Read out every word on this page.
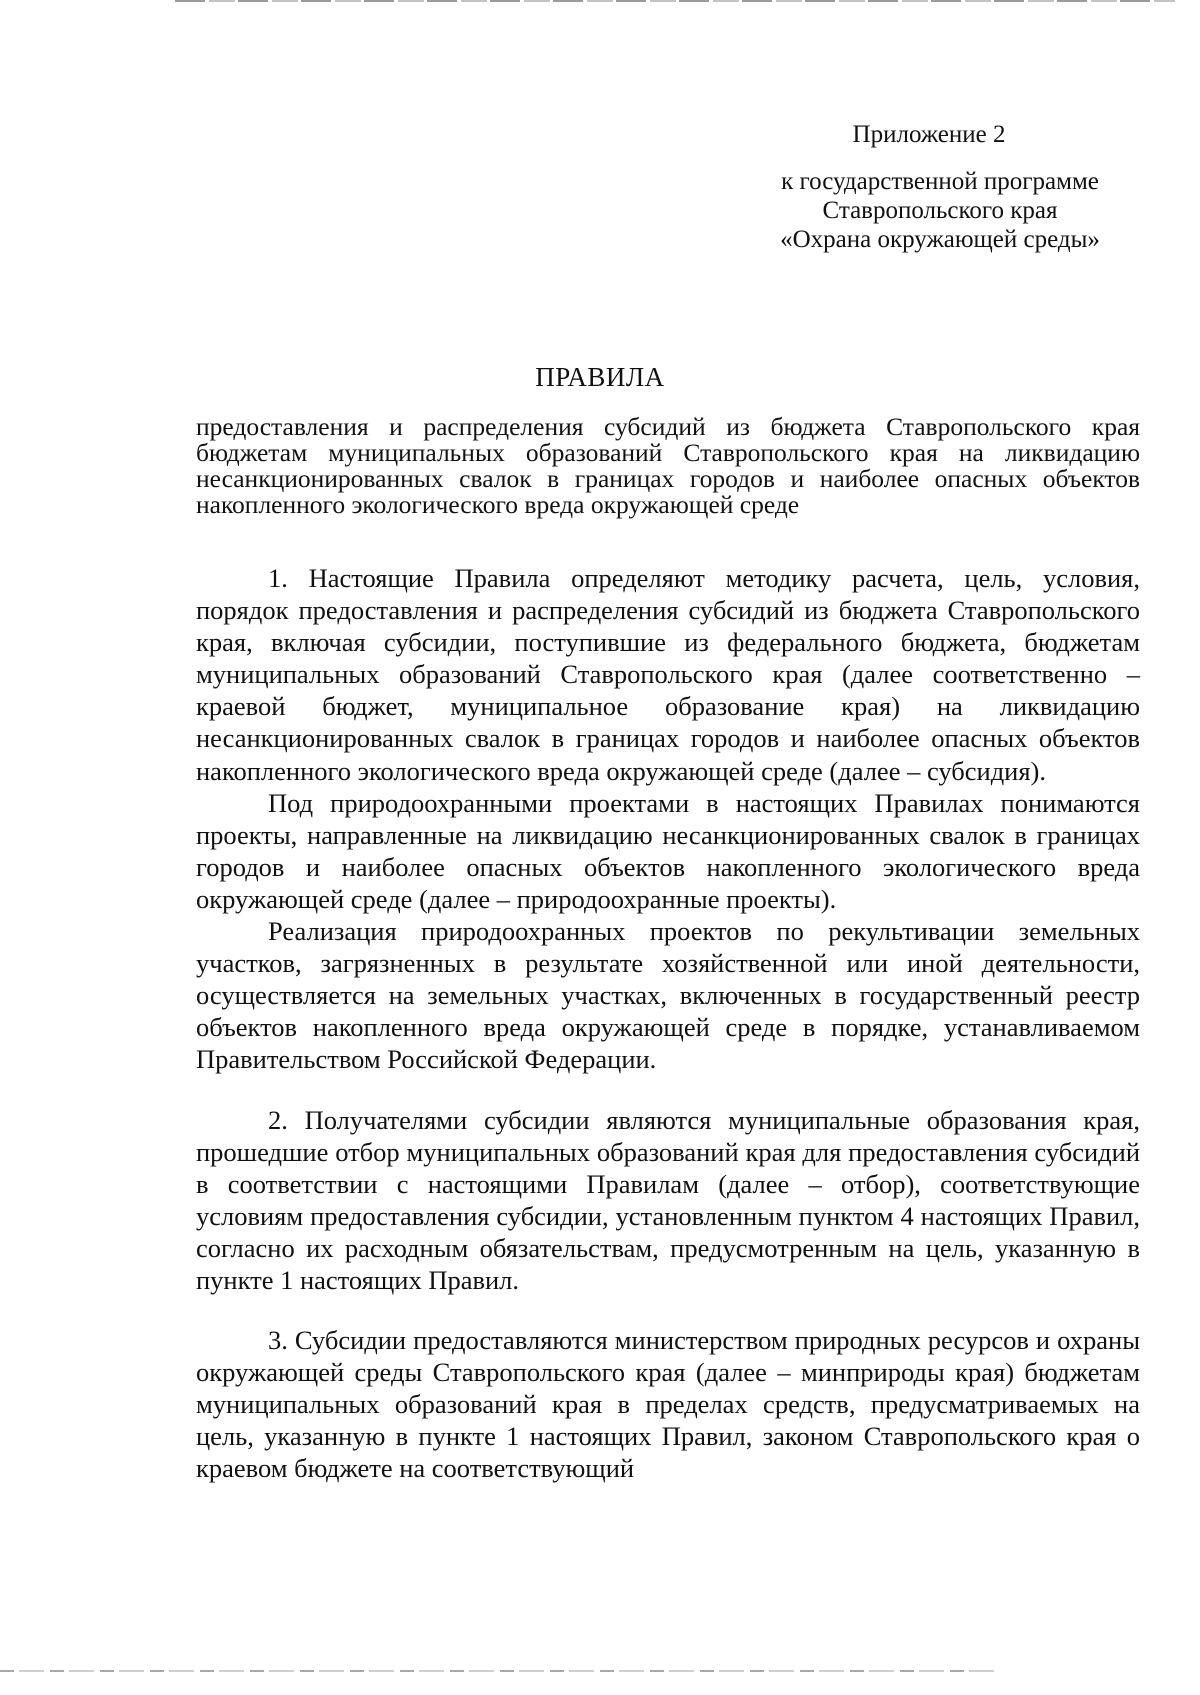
Приложение 2
к государственной программе
Ставропольского края
«Охрана окружающей среды»
ПРАВИЛА
предоставления и распределения субсидий из бюджета Ставропольского края бюджетам муниципальных образований Ставропольского края на ликвидацию несанкционированных свалок в границах городов и наиболее опасных объектов накопленного экологического вреда окружающей среде

1. Настоящие Правила определяют методику расчета, цель, условия, порядок предоставления и распределения субсидий из бюджета Ставропольского края, включая субсидии, поступившие из федерального бюджета, бюджетам муниципальных образований Ставропольского края (далее соответственно – краевой бюджет, муниципальное образование края) на ликвидацию несанкционированных свалок в границах городов и наиболее опасных объектов накопленного экологического вреда окружающей среде (далее – субсидия).

Под природоохранными проектами в настоящих Правилах понимаются проекты, направленные на ликвидацию несанкционированных свалок в границах городов и наиболее опасных объектов накопленного экологического вреда окружающей среде (далее – природоохранные проекты).

Реализация природоохранных проектов по рекультивации земельных участков, загрязненных в результате хозяйственной или иной деятельности, осуществляется на земельных участках, включенных в государственный реестр объектов накопленного вреда окружающей среде в порядке, устанавливаемом Правительством Российской Федерации.

2. Получателями субсидии являются муниципальные образования края, прошедшие отбор муниципальных образований края для предоставления субсидий в соответствии с настоящими Правилам (далее – отбор), соответствующие условиям предоставления субсидии, установленным пунктом 4 настоящих Правил, согласно их расходным обязательствам, предусмотренным на цель, указанную в пункте 1 настоящих Правил.

3. Субсидии предоставляются министерством природных ресурсов и охраны окружающей среды Ставропольского края (далее – минприроды края) бюджетам муниципальных образований края в пределах средств, предусматриваемых на цель, указанную в пункте 1 настоящих Правил, законом Ставропольского края о краевом бюджете на соответствующий
